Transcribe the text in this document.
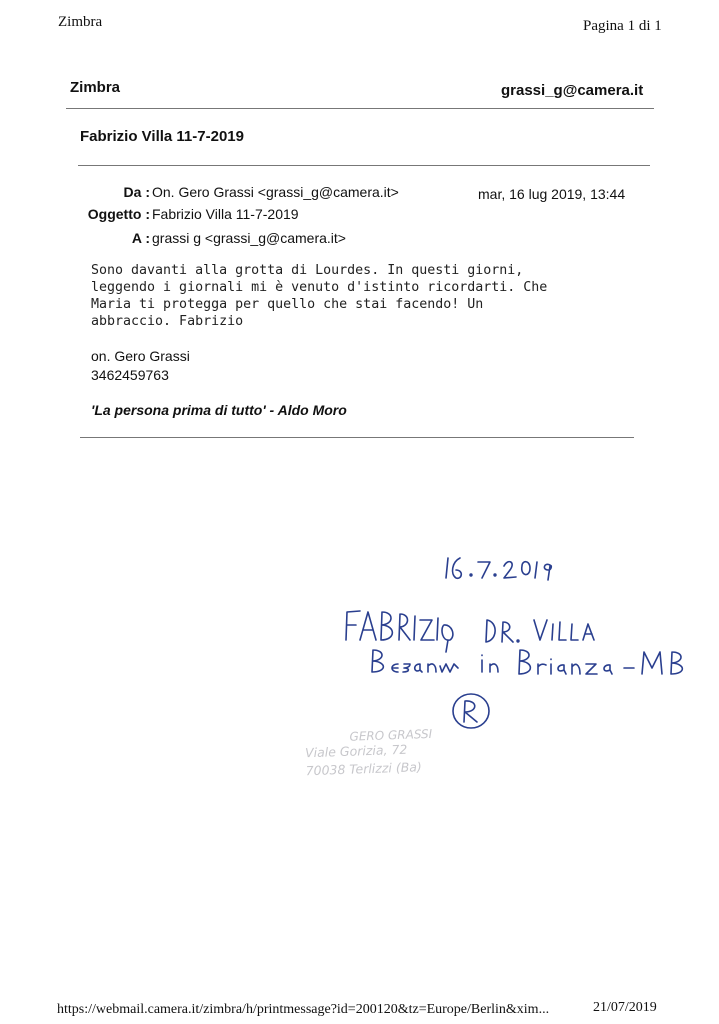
Zimbra	Pagina 1 di 1
Zimbra	grassi_g@camera.it
Fabrizio Villa 11-7-2019
Da : On. Gero Grassi <grassi_g@camera.it>	mar, 16 lug 2019, 13:44
Oggetto : Fabrizio Villa 11-7-2019
A : grassi g <grassi_g@camera.it>
Sono davanti alla grotta di Lourdes. In questi giorni,
leggendo i giornali mi è venuto d'istinto ricordarti. Che
Maria ti protegga per quello che stai facendo! Un
abbraccio. Fabrizio
on. Gero Grassi
3462459763
'La persona prima di tutto' - Aldo Moro
GERO GRASSI
Viale Gorizia, 72
70038 Terlizzi (Ba)
https://webmail.camera.it/zimbra/h/printmessage?id=200120&tz=Europe/Berlin&xim...	21/07/2019
